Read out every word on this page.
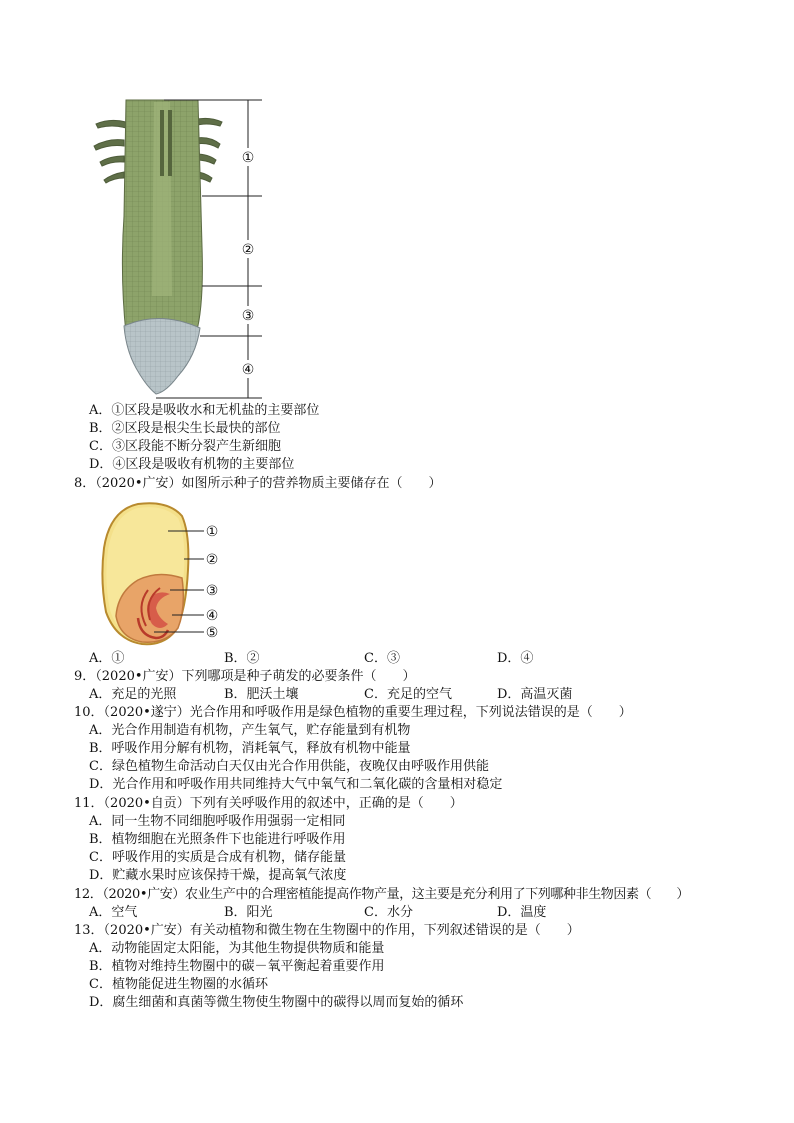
①
②
③
④
A．①区段是吸收水和无机盐的主要部位
B．②区段是根尖生长最快的部位
C．③区段能不断分裂产生新细胞
D．④区段是吸收有机物的主要部位
8．（2020•广安）如图所示种子的营养物质主要储存在（　　）
①
②
③
④
⑤
A．①	B．②	C．③	D．④
9．（2020•广安）下列哪项是种子萌发的必要条件（　　）
A．充足的光照	B．肥沃土壤	C．充足的空气	D．高温灭菌
10．（2020•遂宁）光合作用和呼吸作用是绿色植物的重要生理过程，下列说法错误的是（　　）
A．光合作用制造有机物，产生氧气，贮存能量到有机物
B．呼吸作用分解有机物，消耗氧气，释放有机物中能量
C．绿色植物生命活动白天仅由光合作用供能，夜晚仅由呼吸作用供能
D．光合作用和呼吸作用共同维持大气中氧气和二氧化碳的含量相对稳定
11．（2020•自贡）下列有关呼吸作用的叙述中，正确的是（　　）
A．同一生物不同细胞呼吸作用强弱一定相同
B．植物细胞在光照条件下也能进行呼吸作用
C．呼吸作用的实质是合成有机物，储存能量
D．贮藏水果时应该保持干燥，提高氧气浓度
12．（2020•广安）农业生产中的合理密植能提高作物产量，这主要是充分利用了下列哪种非生物因素（　　）
A．空气	B．阳光	C．水分	D．温度
13．（2020•广安）有关动植物和微生物在生物圈中的作用，下列叙述错误的是（　　）
A．动物能固定太阳能，为其他生物提供物质和能量
B．植物对维持生物圈中的碳－氧平衡起着重要作用
C．植物能促进生物圈的水循环
D．腐生细菌和真菌等微生物使生物圈中的碳得以周而复始的循环
